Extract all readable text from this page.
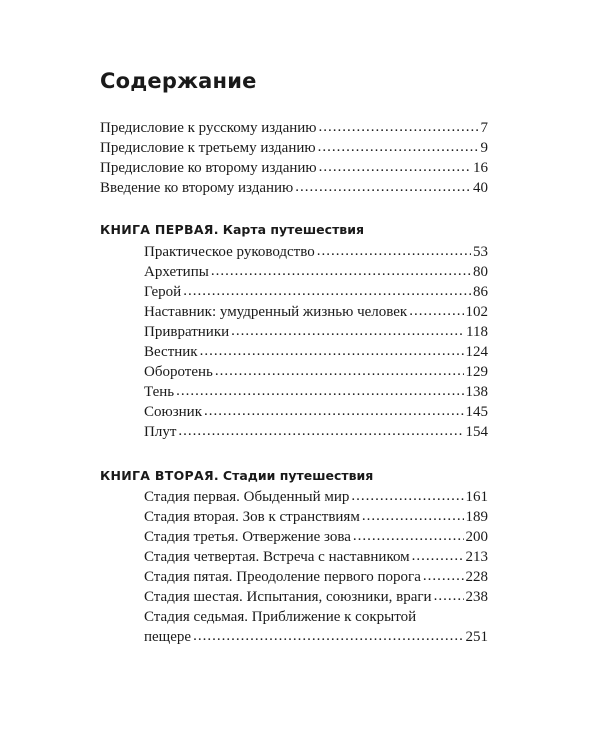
Содержание
Предисловие к русскому изданию .....	7
Предисловие к третьему изданию .....	9
Предисловие ко второму изданию .....	16
Введение ко второму изданию .....	40
КНИГА ПЕРВАЯ. Карта путешествия
Практическое руководство .....	53
Архетипы .....	80
Герой .....	86
Наставник: умудренный жизнью человек .....	102
Привратники .....	118
Вестник .....	124
Оборотень .....	129
Тень .....	138
Союзник .....	145
Плут .....	154
КНИГА ВТОРАЯ. Стадии путешествия
Стадия первая. Обыденный мир .....	161
Стадия вторая. Зов к странствиям .....	189
Стадия третья. Отвержение зова .....	200
Стадия четвертая. Встреча с наставником .....	213
Стадия пятая. Преодоление первого порога .....	228
Стадия шестая. Испытания, союзники, враги ..... 238
Стадия седьмая. Приближение к сокрытой
пещере .....	251
